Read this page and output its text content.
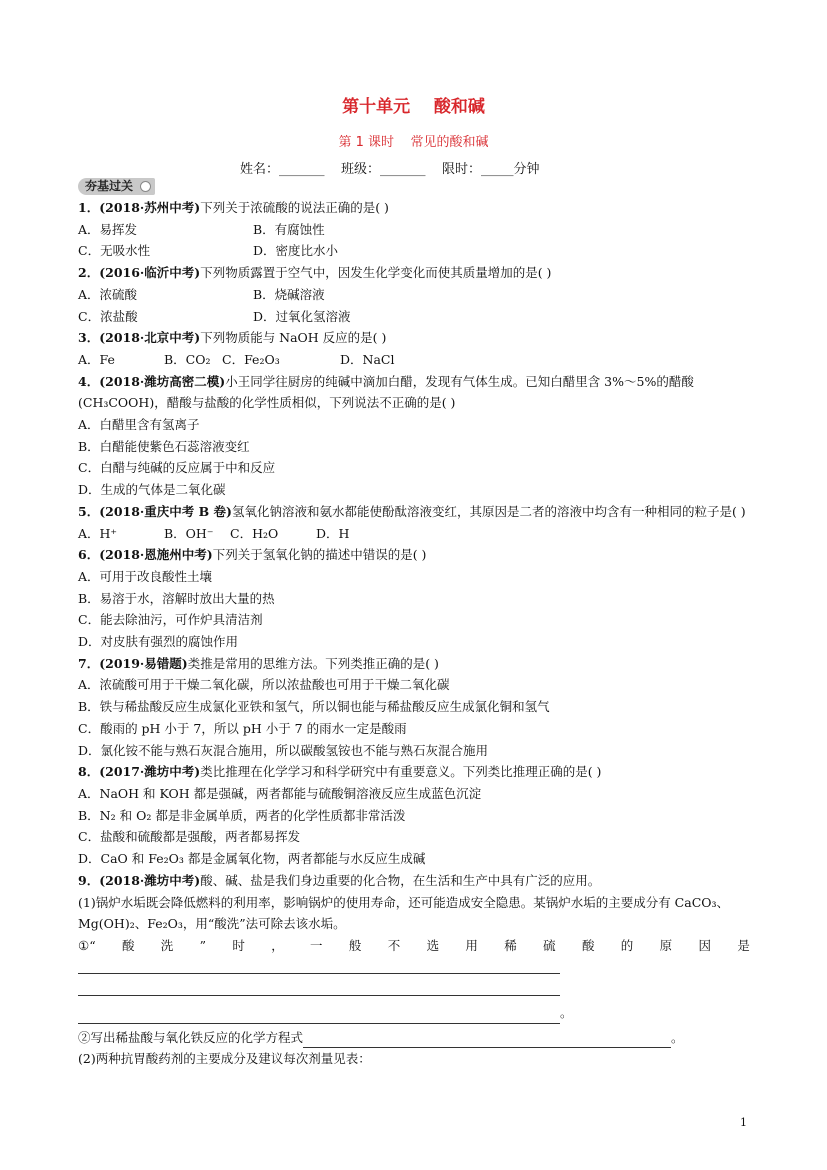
第十单元    酸和碱
第 1 课时    常见的酸和碱
姓名：_______    班级：_______    限时：_____分钟
夯基过关
1．(2018·苏州中考)下列关于浓硫酸的说法正确的是( )
A．易挥发	B．有腐蚀性
C．无吸水性	D．密度比水小
2．(2016·临沂中考)下列物质露置于空气中，因发生化学变化而使其质量增加的是( )
A．浓硫酸	B．烧碱溶液
C．浓盐酸	D．过氧化氢溶液
3．(2018·北京中考)下列物质能与 NaOH 反应的是( )
A．Fe	B．CO₂ C．Fe₂O₃	D．NaCl
4．(2018·潍坊高密二模)小王同学往厨房的纯碱中滴加白醋，发现有气体生成。已知白醋里含 3%～5%的醋酸(CH₃COOH)，醋酸与盐酸的化学性质相似，下列说法不正确的是( )
A．白醋里含有氢离子
B．白醋能使紫色石蕊溶液变红
C．白醋与纯碱的反应属于中和反应
D．生成的气体是二氧化碳
5．(2018·重庆中考 B 卷)氢氧化钠溶液和氨水都能使酚酞溶液变红，其原因是二者的溶液中均含有一种相同的粒子是( )
A．H⁺	B．OH⁻	C．H₂O	D．H
6．(2018·恩施州中考)下列关于氢氧化钠的描述中错误的是( )
A．可用于改良酸性土壤
B．易溶于水，溶解时放出大量的热
C．能去除油污，可作炉具清洁剂
D．对皮肤有强烈的腐蚀作用
7．(2019·易错题)类推是常用的思维方法。下列类推正确的是( )
A．浓硫酸可用于干燥二氧化碳，所以浓盐酸也可用于干燥二氧化碳
B．铁与稀盐酸反应生成氯化亚铁和氢气，所以铜也能与稀盐酸反应生成氯化铜和氢气
C．酸雨的 pH 小于 7，所以 pH 小于 7 的雨水一定是酸雨
D．氯化铵不能与熟石灰混合施用，所以碳酸氢铵也不能与熟石灰混合施用
8．(2017·潍坊中考)类比推理在化学学习和科学研究中有重要意义。下列类比推理正确的是( )
A．NaOH 和 KOH 都是强碱，两者都能与硫酸铜溶液反应生成蓝色沉淀
B．N₂ 和 O₂ 都是非金属单质，两者的化学性质都非常活泼
C．盐酸和硫酸都是强酸，两者都易挥发
D．CaO 和 Fe₂O₃ 都是金属氧化物，两者都能与水反应生成碱
9．(2018·潍坊中考)酸、碱、盐是我们身边重要的化合物，在生活和生产中具有广泛的应用。
(1)锅炉水垢既会降低燃料的利用率，影响锅炉的使用寿命，还可能造成安全隐患。某锅炉水垢的主要成分有 CaCO₃、Mg(OH)₂、Fe₂O₃，用“酸洗”法可除去该水垢。
①“ 酸 洗 ” 时 ， 一 般 不 选 用 稀 硫 酸 的 原 因 是
。
②写出稀盐酸与氧化铁反应的化学方程式	。
(2)两种抗胃酸药剂的主要成分及建议每次剂量见表：
1
